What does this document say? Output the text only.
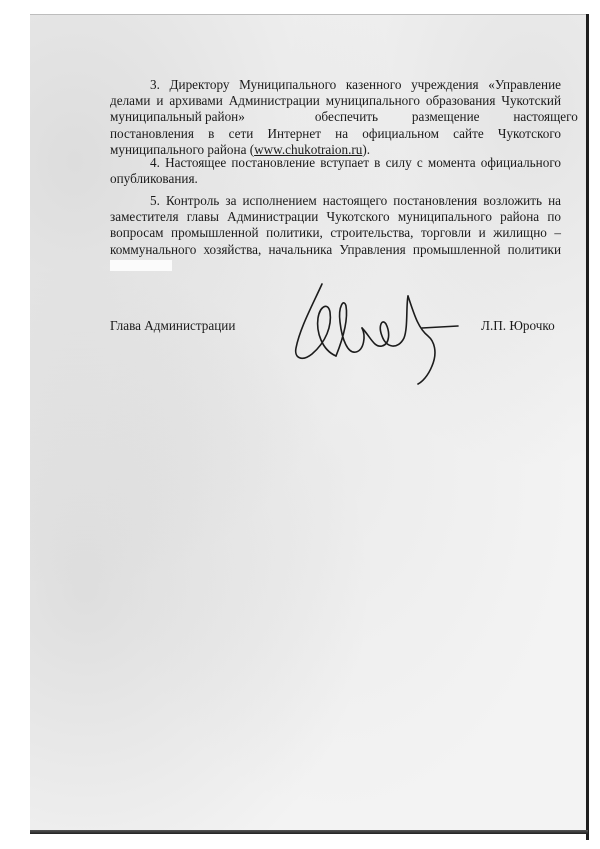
3. Директору Муниципального казенного учреждения «Управление
делами и архивами Администрации муниципального образования Чукотский
муниципальный район»	обеспечить размещение настоящего
постановления в сети Интернет на официальном сайте Чукотского
муниципального района (www.chukotraion.ru).
4. Настоящее постановление вступает в силу с момента официального
опубликования.
5. Контроль за исполнением настоящего постановления возложить на
заместителя главы Администрации Чукотского муниципального района по
вопросам промышленной политики, строительства, торговли и жилищно –
коммунального хозяйства, начальника Управления промышленной политики
Глава Администрации	Л.П. Юрочко
